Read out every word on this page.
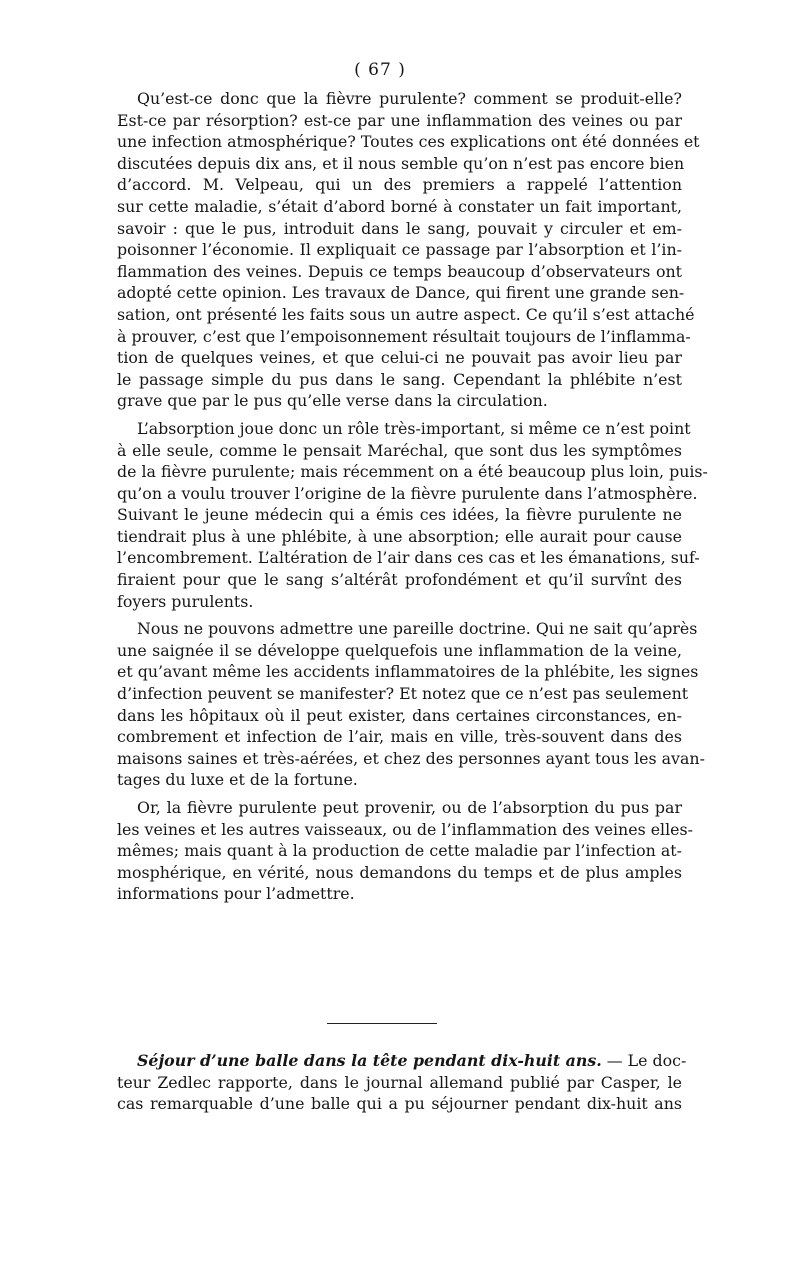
( 67 )
Qu’est-ce donc que la fièvre purulente? comment se produit-elle?
Est-ce par résorption? est-ce par une inflammation des veines ou par
une infection atmosphérique? Toutes ces explications ont été données et
discutées depuis dix ans, et il nous semble qu’on n’est pas encore bien
d’accord. M. Velpeau, qui un des premiers a rappelé l’attention
sur cette maladie, s’était d’abord borné à constater un fait important,
savoir : que le pus, introduit dans le sang, pouvait y circuler et em-
poisonner l’économie. Il expliquait ce passage par l’absorption et l’in-
flammation des veines. Depuis ce temps beaucoup d’observateurs ont
adopté cette opinion. Les travaux de Dance, qui firent une grande sen-
sation, ont présenté les faits sous un autre aspect. Ce qu’il s’est attaché
à prouver, c’est que l’empoisonnement résultait toujours de l’inflamma-
tion de quelques veines, et que celui-ci ne pouvait pas avoir lieu par
le passage simple du pus dans le sang. Cependant la phlébite n’est
grave que par le pus qu’elle verse dans la circulation.
L’absorption joue donc un rôle très-important, si même ce n’est point
à elle seule, comme le pensait Maréchal, que sont dus les symptômes
de la fièvre purulente; mais récemment on a été beaucoup plus loin, puis-
qu’on a voulu trouver l’origine de la fièvre purulente dans l’atmosphère.
Suivant le jeune médecin qui a émis ces idées, la fièvre purulente ne
tiendrait plus à une phlébite, à une absorption; elle aurait pour cause
l’encombrement. L’altération de l’air dans ces cas et les émanations, suf-
firaient pour que le sang s’altérât profondément et qu’il survînt des
foyers purulents.
Nous ne pouvons admettre une pareille doctrine. Qui ne sait qu’après
une saignée il se développe quelquefois une inflammation de la veine,
et qu’avant même les accidents inflammatoires de la phlébite, les signes
d’infection peuvent se manifester? Et notez que ce n’est pas seulement
dans les hôpitaux où il peut exister, dans certaines circonstances, en-
combrement et infection de l’air, mais en ville, très-souvent dans des
maisons saines et très-aérées, et chez des personnes ayant tous les avan-
tages du luxe et de la fortune.
Or, la fièvre purulente peut provenir, ou de l’absorption du pus par
les veines et les autres vaisseaux, ou de l’inflammation des veines elles-
mêmes; mais quant à la production de cette maladie par l’infection at-
mosphérique, en vérité, nous demandons du temps et de plus amples
informations pour l’admettre.
Séjour d’une balle dans la tête pendant dix-huit ans. — Le doc-
teur Zedlec rapporte, dans le journal allemand publié par Casper, le
cas remarquable d’une balle qui a pu séjourner pendant dix-huit ans
